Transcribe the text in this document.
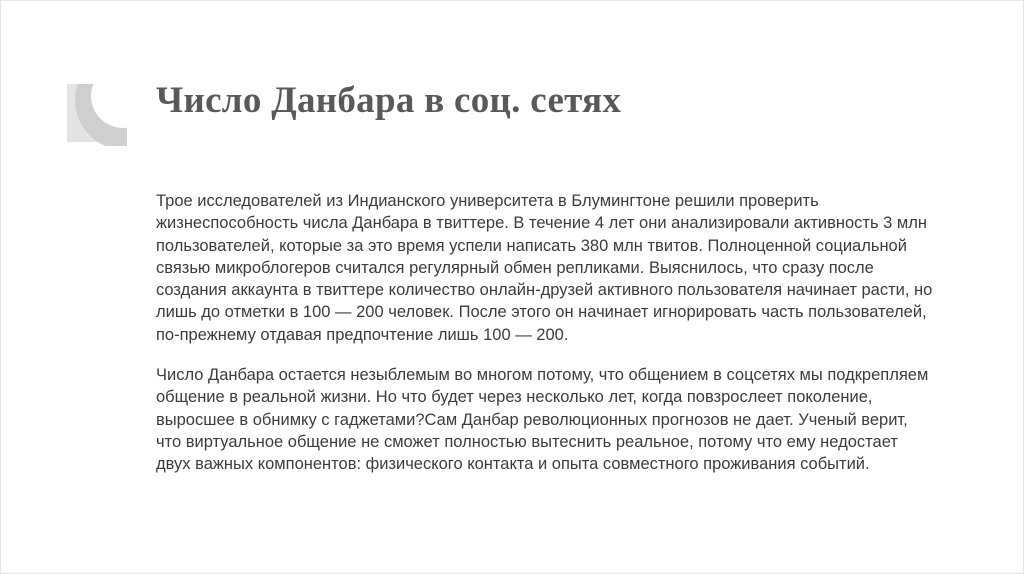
Число Данбара в соц. сетях

Трое исследователей из Индианского университета в Блумингтоне решили проверить жизнеспособность числа Данбара в твиттере. В течение 4 лет они анализировали активность 3 млн пользователей, которые за это время успели написать 380 млн твитов. Полноценной социальной связью микроблогеров считался регулярный обмен репликами. Выяснилось, что сразу после создания аккаунта в твиттере количество онлайн-друзей активного пользователя начинает расти, но лишь до отметки в 100 — 200 человек. После этого он начинает игнорировать часть пользователей, по-прежнему отдавая предпочтение лишь 100 — 200.

Число Данбара остается незыблемым во многом потому, что общением в соцсетях мы подкрепляем общение в реальной жизни. Но что будет через несколько лет, когда повзрослеет поколение, выросшее в обнимку с гаджетами?Сам Данбар революционных прогнозов не дает. Ученый верит, что виртуальное общение не сможет полностью вытеснить реальное, потому что ему недостает двух важных компонентов: физического контакта и опыта совместного проживания событий.
